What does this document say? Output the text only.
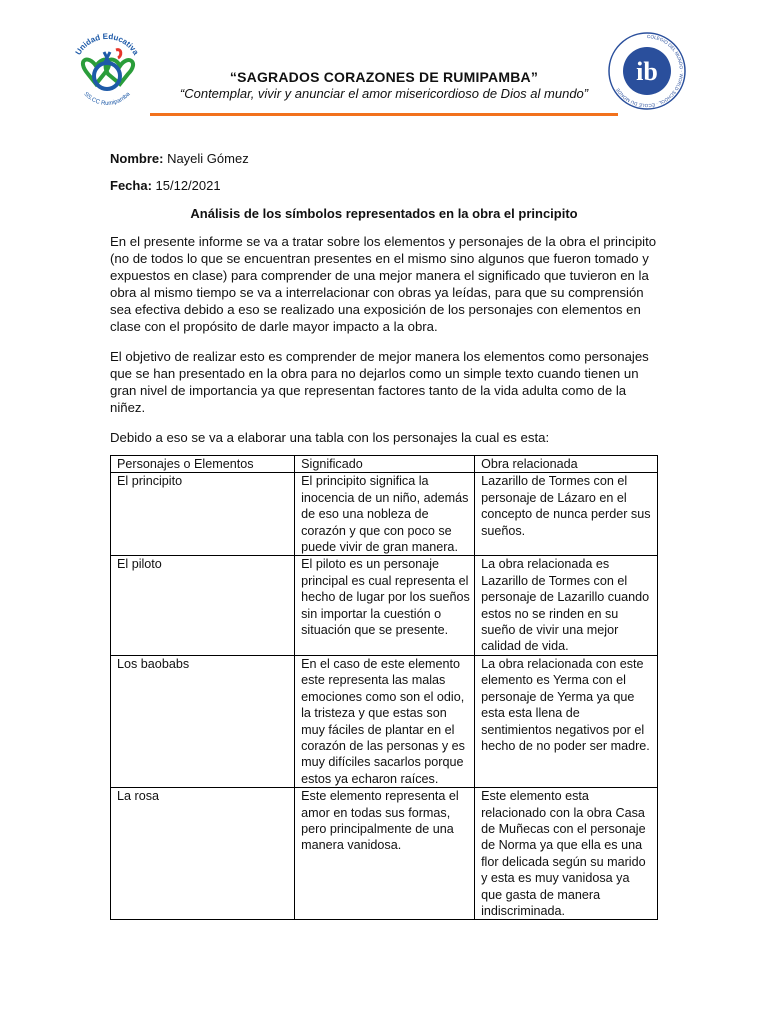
Unidad Educativa
SS.CC Rumipamba
“SAGRADOS CORAZONES DE RUMIPAMBA”
“Contemplar, vivir y anunciar el amor misericordioso de Dios al mundo”
COLEGIO DEL MUNDO · WORLD SCHOOL · ÉCOLE DU MONDE
ib
Nombre: Nayeli Gómez
Fecha: 15/12/2021
Análisis de los símbolos representados en la obra el principito

En el presente informe se va a tratar sobre los elementos y personajes de la obra el principito (no de todos lo que se encuentran presentes en el mismo sino algunos que fueron tomado y expuestos en clase) para comprender de una mejor manera el significado que tuvieron en la obra al mismo tiempo se va a interrelacionar con obras ya leídas, para que su comprensión sea efectiva debido a eso se realizado una exposición de los personajes con elementos en clase con el propósito de darle mayor impacto a la obra.

El objetivo de realizar esto es comprender de mejor manera los elementos como personajes que se han presentado en la obra para no dejarlos como un simple texto cuando tienen un gran nivel de importancia ya que representan factores tanto de la vida adulta como de la niñez.

Debido a eso se va a elaborar una tabla con los personajes la cual es esta:

Personajes o Elementos	Significado	Obra relacionada
El principito	El principito significa la inocencia de un niño, además de eso una nobleza de corazón y que con poco se puede vivir de gran manera.	Lazarillo de Tormes con el personaje de Lázaro en el concepto de nunca perder sus sueños.
El piloto	El piloto es un personaje principal es cual representa el hecho de lugar por los sueños sin importar la cuestión o situación que se presente.	La obra relacionada es Lazarillo de Tormes con el personaje de Lazarillo cuando estos no se rinden en su sueño de vivir una mejor calidad de vida.
Los baobabs	En el caso de este elemento este representa las malas emociones como son el odio, la tristeza y que estas son muy fáciles de plantar en el corazón de las personas y es muy difíciles sacarlos porque estos ya echaron raíces.	La obra relacionada con este elemento es Yerma con el personaje de Yerma ya que esta esta llena de sentimientos negativos por el hecho de no poder ser madre.
La rosa	Este elemento representa el amor en todas sus formas, pero principalmente de una manera vanidosa.	Este elemento esta relacionado con la obra Casa de Muñecas con el personaje de Norma ya que ella es una flor delicada según su marido y esta es muy vanidosa ya que gasta de manera indiscriminada.
